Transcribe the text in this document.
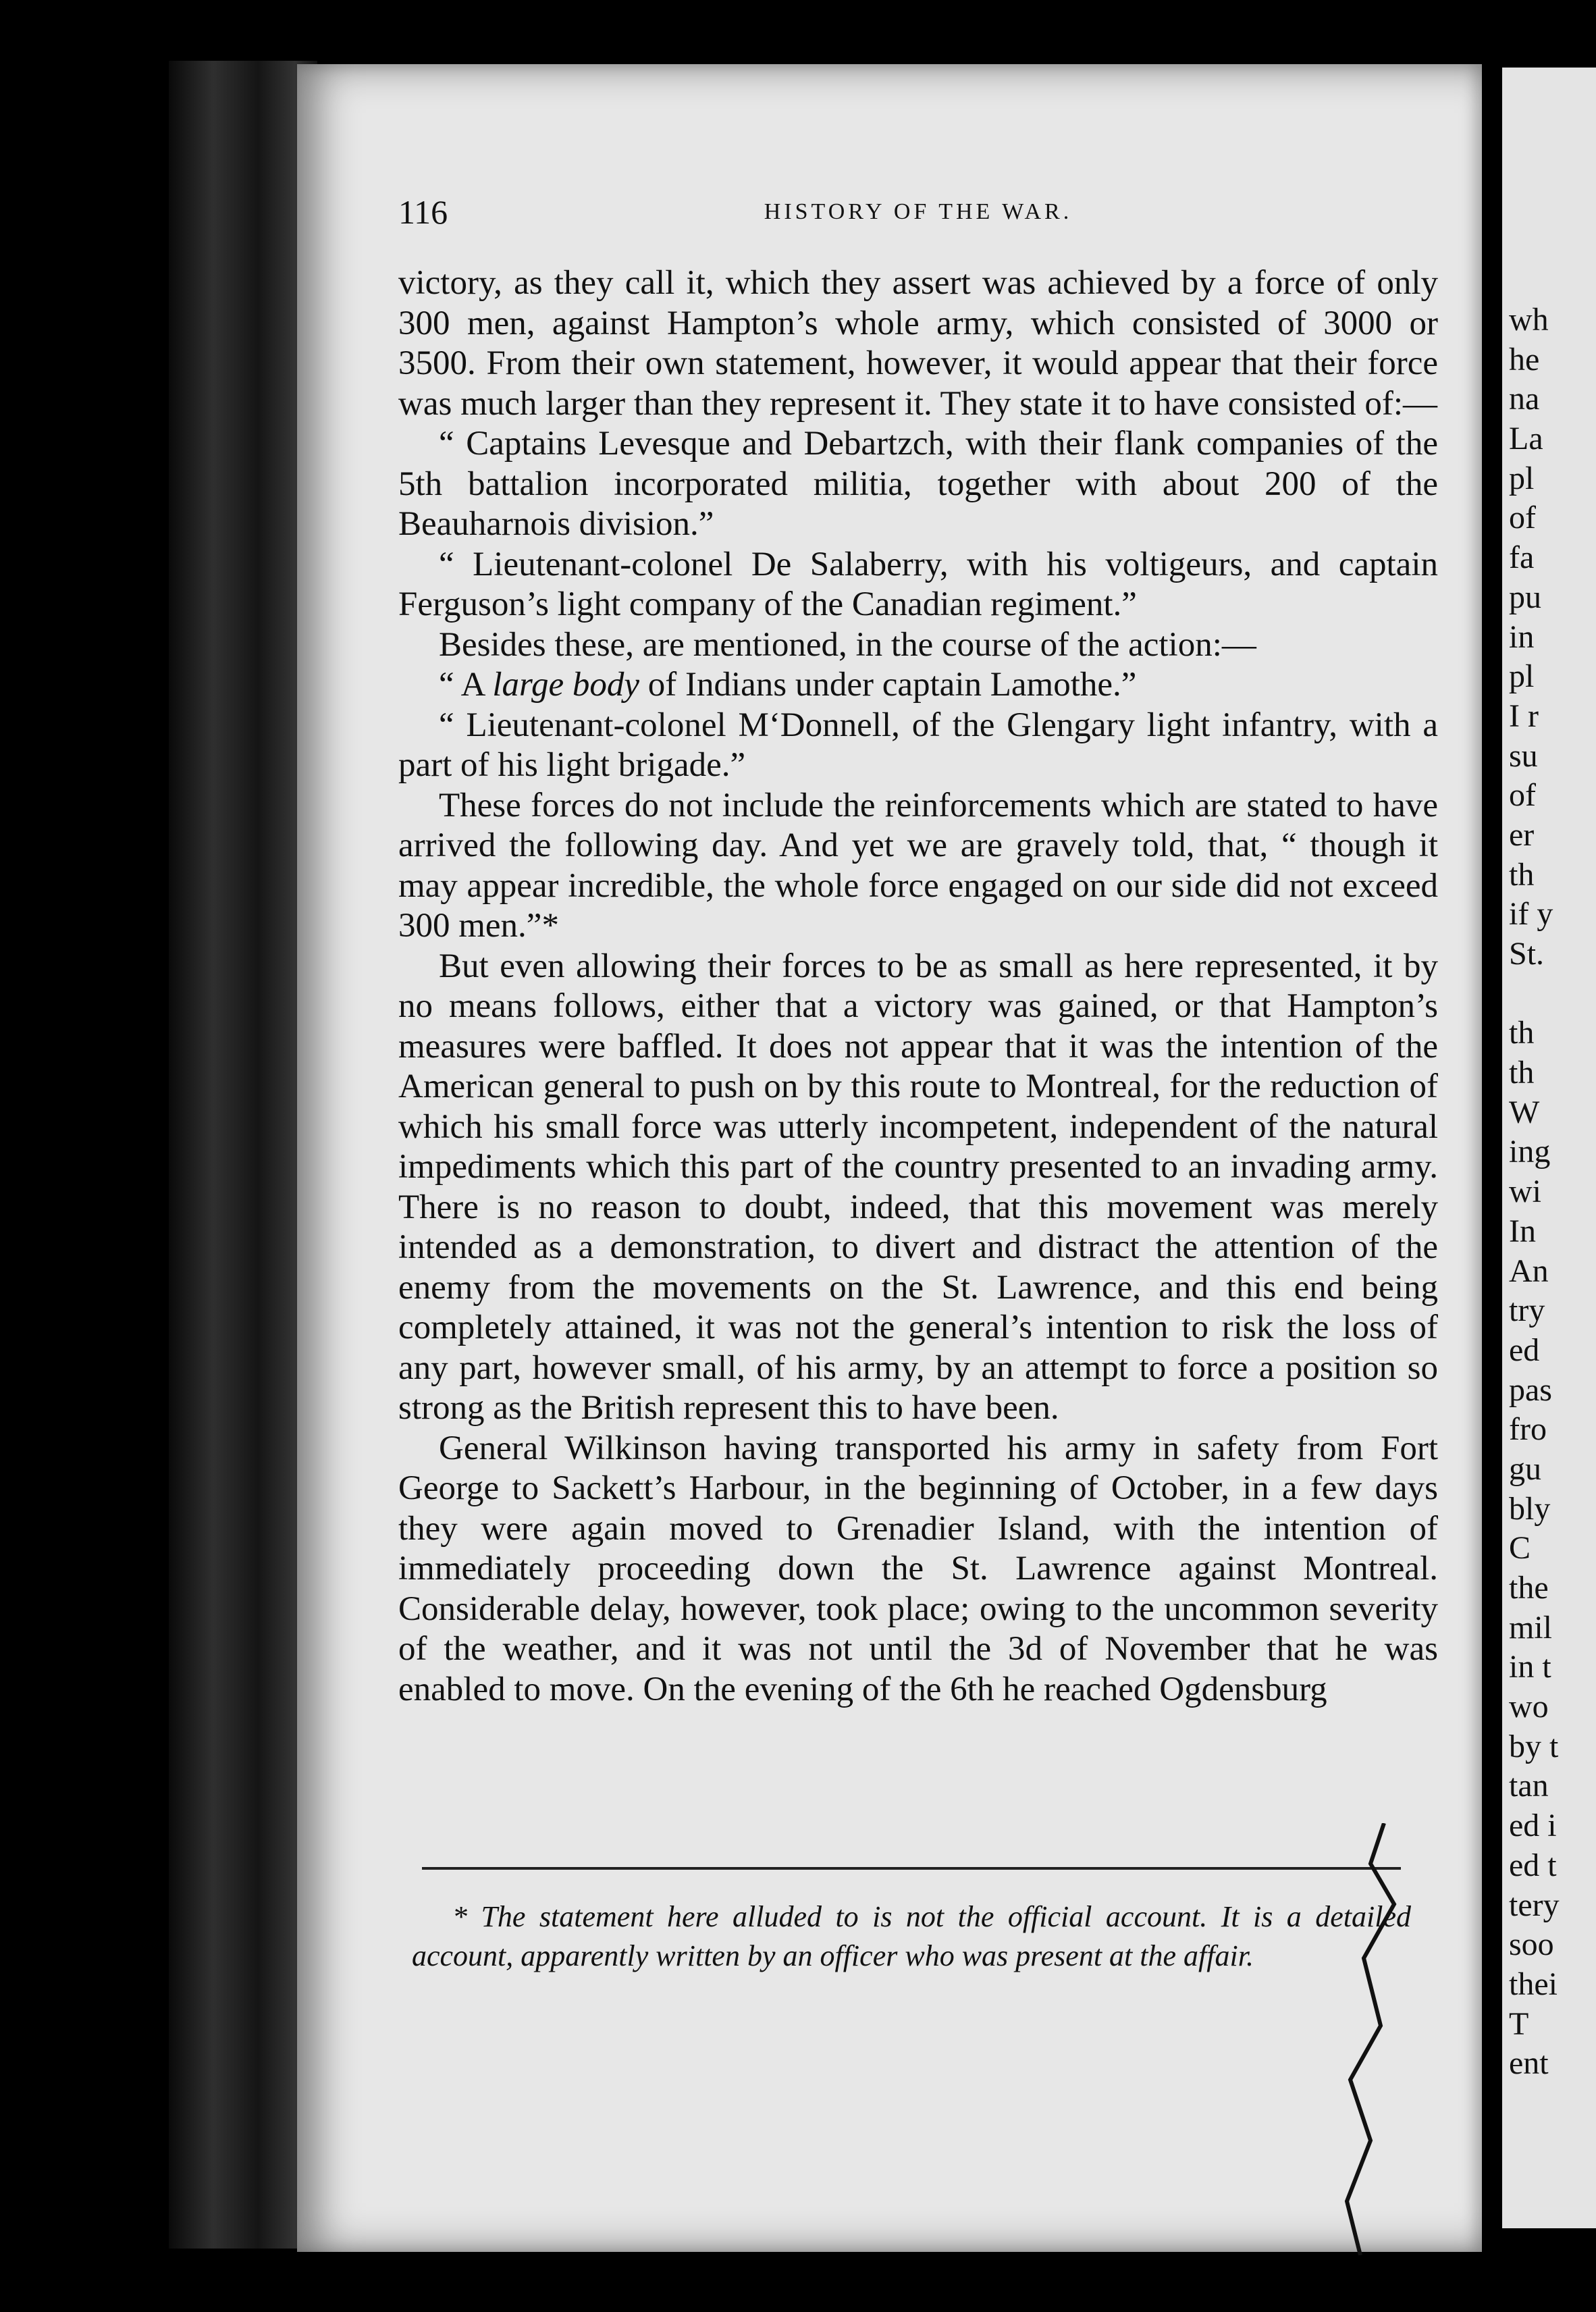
116	HISTORY OF THE WAR.

victory, as they call it, which they assert was achieved by a force of only 300 men, against Hampton’s whole army, which consisted of 3000 or 3500. From their own statement, however, it would appear that their force was much larger than they represent it. They state it to have consisted of:—

“ Captains Levesque and Debartzch, with their flank companies of the 5th battalion incorporated militia, together with about 200 of the Beauharnois division.”

“ Lieutenant-colonel De Salaberry, with his voltigeurs, and captain Ferguson’s light company of the Canadian regiment.”

Besides these, are mentioned, in the course of the action:—

“ A large body of Indians under captain Lamothe.”

“ Lieutenant-colonel M‘Donnell, of the Glengary light infantry, with a part of his light brigade.”

These forces do not include the reinforcements which are stated to have arrived the following day. And yet we are gravely told, that, “ though it may appear incredible, the whole force engaged on our side did not exceed 300 men.”*

But even allowing their forces to be as small as here represented, it by no means follows, either that a victory was gained, or that Hampton’s measures were baffled. It does not appear that it was the intention of the American general to push on by this route to Montreal, for the reduction of which his small force was utterly incompetent, independent of the natural impediments which this part of the country presented to an invading army. There is no reason to doubt, indeed, that this movement was merely intended as a demonstration, to divert and distract the attention of the enemy from the movements on the St. Lawrence, and this end being completely attained, it was not the general’s intention to risk the loss of any part, however small, of his army, by an attempt to force a position so strong as the British represent this to have been.

General Wilkinson having transported his army in safety from Fort George to Sackett’s Harbour, in the beginning of October, in a few days they were again moved to Grenadier Island, with the intention of immediately proceeding down the St. Lawrence against Montreal. Considerable delay, however, took place; owing to the uncommon severity of the weather, and it was not until the 3d of November that he was enabled to move. On the evening of the 6th he reached Ogdensburg

* The statement here alluded to is not the official account. It is a detailed account, apparently written by an officer who was present at the affair.

wh
he
na
La
pl
of
fa
pu
in
pl
I r
su
of
er
th
if y
St.
th
th
W
ing
wi
In
An
try
ed
pas
fro
gu
bly
C
the
mil
in t
wo
by t
tan
ed i
ed t
tery
soo
thei
T
ent
